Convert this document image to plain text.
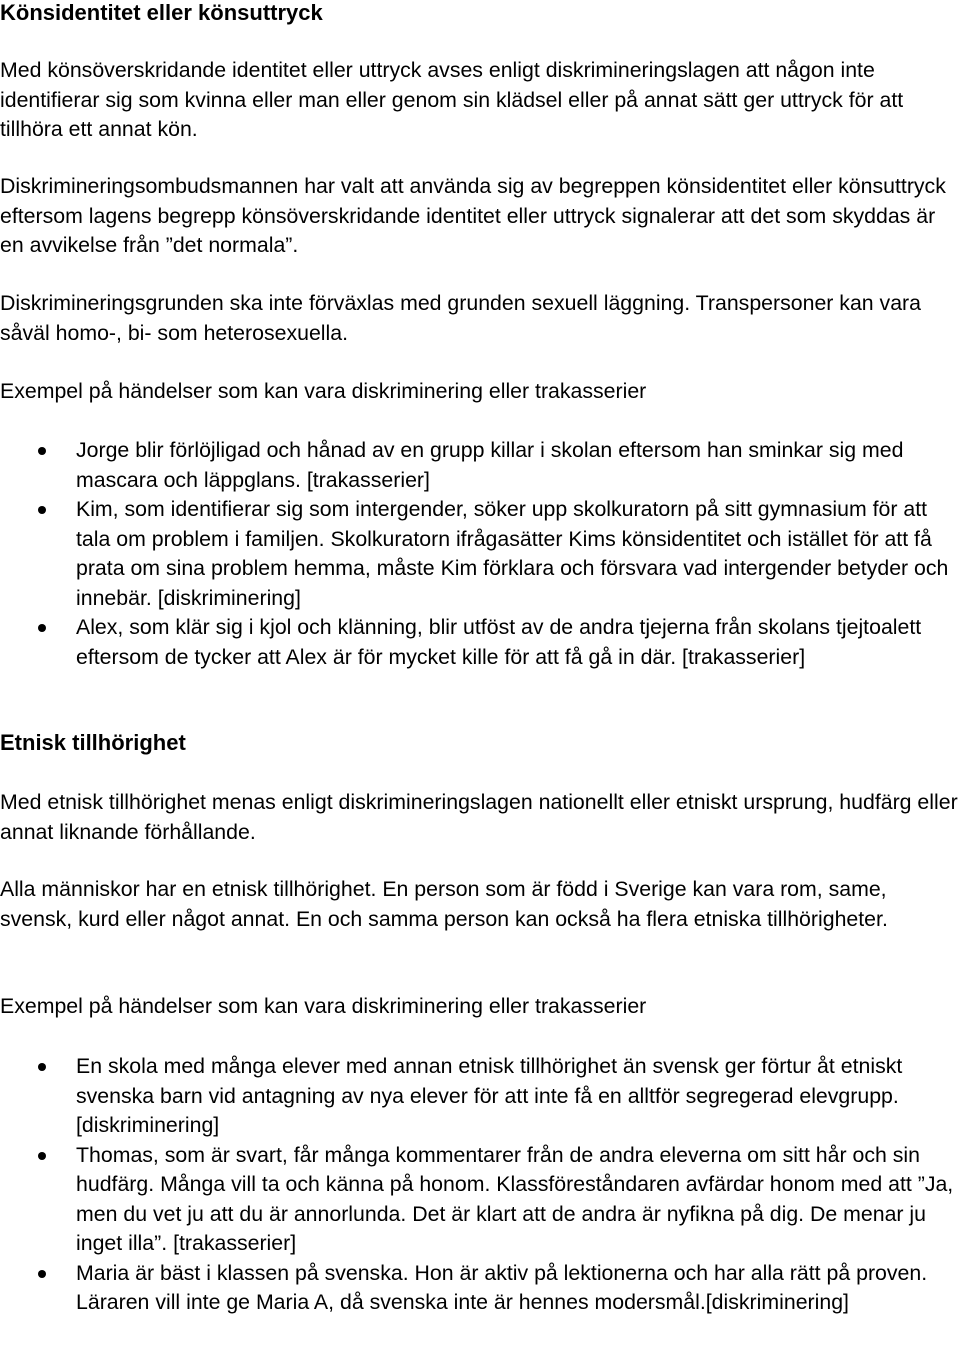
Könsidentitet eller könsuttryck

Med könsöverskridande identitet eller uttryck avses enligt diskrimineringslagen att någon inte identifierar sig som kvinna eller man eller genom sin klädsel eller på annat sätt ger uttryck för att tillhöra ett annat kön.

Diskrimineringsombudsmannen har valt att använda sig av begreppen könsidentitet eller könsuttryck eftersom lagens begrepp könsöverskridande identitet eller uttryck signalerar att det som skyddas är en avvikelse från ”det normala”.

Diskrimineringsgrunden ska inte förväxlas med grunden sexuell läggning. Transpersoner kan vara såväl homo-, bi- som heterosexuella.

Exempel på händelser som kan vara diskriminering eller trakasserier

Jorge blir förlöjligad och hånad av en grupp killar i skolan eftersom han sminkar sig med mascara och läppglans. [trakasserier]
Kim, som identifierar sig som intergender, söker upp skolkuratorn på sitt gymnasium för att tala om problem i familjen. Skolkuratorn ifrågasätter Kims könsidentitet och istället för att få prata om sina problem hemma, måste Kim förklara och försvara vad intergender betyder och innebär. [diskriminering]
Alex, som klär sig i kjol och klänning, blir utföst av de andra tjejerna från skolans tjejtoalett eftersom de tycker att Alex är för mycket kille för att få gå in där. [trakasserier]
Etnisk tillhörighet

Med etnisk tillhörighet menas enligt diskrimineringslagen nationellt eller etniskt ursprung, hudfärg eller annat liknande förhållande.

Alla människor har en etnisk tillhörighet. En person som är född i Sverige kan vara rom, same, svensk, kurd eller något annat. En och samma person kan också ha flera etniska tillhörigheter.

Exempel på händelser som kan vara diskriminering eller trakasserier

En skola med många elever med annan etnisk tillhörighet än svensk ger förtur åt etniskt svenska barn vid antagning av nya elever för att inte få en alltför segregerad elevgrupp. [diskriminering]
Thomas, som är svart, får många kommentarer från de andra eleverna om sitt hår och sin hudfärg. Många vill ta och känna på honom. Klassföreståndaren avfärdar honom med att ”Ja, men du vet ju att du är annorlunda. Det är klart att de andra är nyfikna på dig. De menar ju inget illa”. [trakasserier]
Maria är bäst i klassen på svenska. Hon är aktiv på lektionerna och har alla rätt på proven. Läraren vill inte ge Maria A, då svenska inte är hennes modersmål.[diskriminering]
